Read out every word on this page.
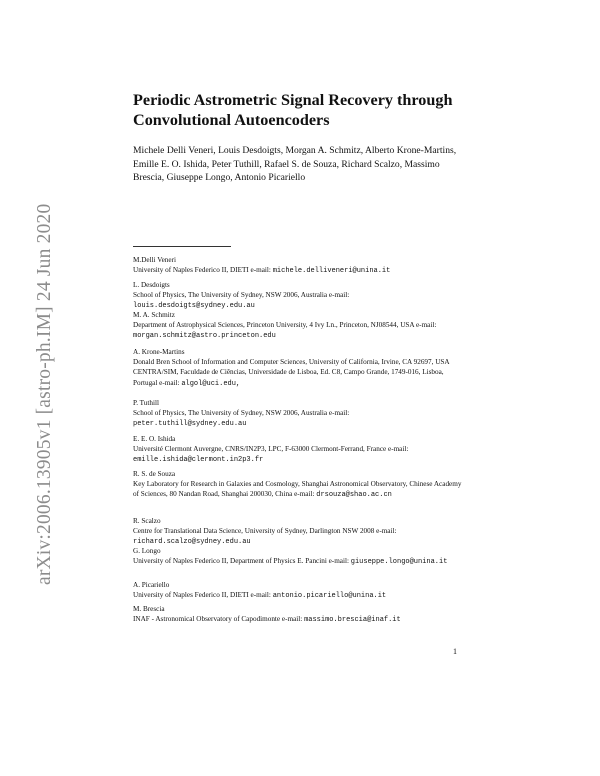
arXiv:2006.13905v1 [astro-ph.IM] 24 Jun 2020
Periodic Astrometric Signal Recovery through Convolutional Autoencoders
Michele Delli Veneri, Louis Desdoigts, Morgan A. Schmitz, Alberto Krone-Martins, Emille E. O. Ishida, Peter Tuthill, Rafael S. de Souza, Richard Scalzo, Massimo Brescia, Giuseppe Longo, Antonio Picariello
M.Delli Veneri
University of Naples Federico II, DIETI e-mail: michele.delliveneri@unina.it
L. Desdoigts
School of Physics, The University of Sydney, NSW 2006, Australia e-mail: louis.desdoigts@sydney.edu.au
M. A. Schmitz
Department of Astrophysical Sciences, Princeton University, 4 Ivy Ln., Princeton, NJ08544, USA e-mail: morgan.schmitz@astro.princeton.edu
A. Krone-Martins
Donald Bren School of Information and Computer Sciences, University of California, Irvine, CA 92697, USA CENTRA/SIM, Faculdade de Ciências, Universidade de Lisboa, Ed. C8, Campo Grande, 1749-016, Lisboa, Portugal e-mail: algol@uci.edu,
P. Tuthill
School of Physics, The University of Sydney, NSW 2006, Australia e-mail: peter.tuthill@sydney.edu.au
E. E. O. Ishida
Université Clermont Auvergne, CNRS/IN2P3, LPC, F-63000 Clermont-Ferrand, France e-mail: emille.ishida@clermont.in2p3.fr
R. S. de Souza
Key Laboratory for Research in Galaxies and Cosmology, Shanghai Astronomical Observatory, Chinese Academy of Sciences, 80 Nandan Road, Shanghai 200030, China e-mail: drsouza@shao.ac.cn
R. Scalzo
Centre for Translational Data Science, University of Sydney, Darlington NSW 2008 e-mail: richard.scalzo@sydney.edu.au
G. Longo
University of Naples Federico II, Department of Physics E. Pancini e-mail: giuseppe.longo@unina.it
A. Picariello
University of Naples Federico II, DIETI e-mail: antonio.picariello@unina.it
M. Brescia
INAF - Astronomical Observatory of Capodimonte e-mail: massimo.brescia@inaf.it
1
